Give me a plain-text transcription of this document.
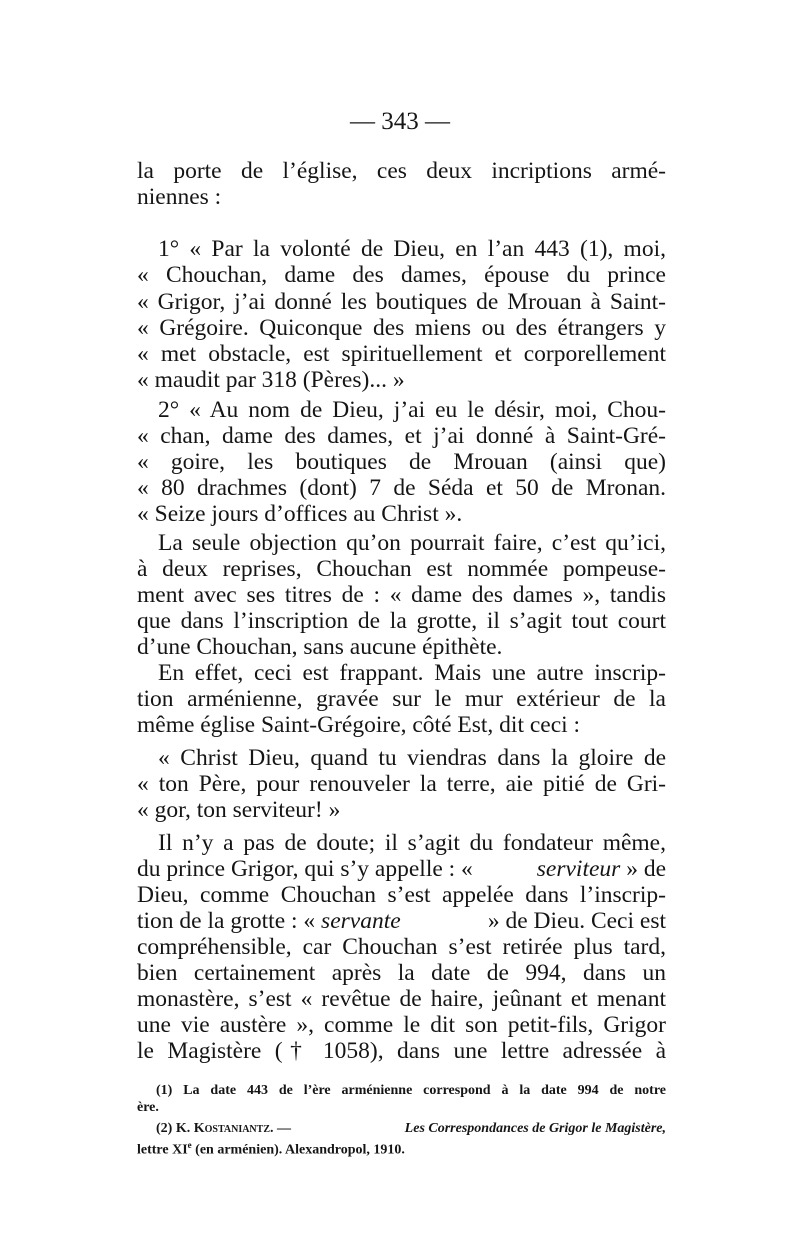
— 343 —
la porte de l’église, ces deux incriptions armé-
niennes :
1° « Par la volonté de Dieu, en l’an 443 (1), moi,
« Chouchan, dame des dames, épouse du prince
« Grigor, j’ai donné les boutiques de Mrouan à Saint-
« Grégoire. Quiconque des miens ou des étrangers y
« met obstacle, est spirituellement et corporellement
« maudit par 318 (Pères)... »
2° « Au nom de Dieu, j’ai eu le désir, moi, Chou-
« chan, dame des dames, et j’ai donné à Saint-Gré-
« goire, les boutiques de Mrouan (ainsi que)
« 80 drachmes (dont) 7 de Séda et 50 de Mronan.
« Seize jours d’offices au Christ ».
La seule objection qu’on pourrait faire, c’est qu’ici,
à deux reprises, Chouchan est nommée pompeuse-
ment avec ses titres de : « dame des dames », tandis
que dans l’inscription de la grotte, il s’agit tout court
d’une Chouchan, sans aucune épithète.
En effet, ceci est frappant. Mais une autre inscrip-
tion arménienne, gravée sur le mur extérieur de la
même église Saint-Grégoire, côté Est, dit ceci :
« Christ Dieu, quand tu viendras dans la gloire de
« ton Père, pour renouveler la terre, aie pitié de Gri-
« gor, ton serviteur! »
Il n’y a pas de doute; il s’agit du fondateur même,
du prince Grigor, qui s’y appelle : « serviteur » de
Dieu, comme Chouchan s’est appelée dans l’inscrip-
tion de la grotte : « servante	» de Dieu. Ceci est
compréhensible, car Chouchan s’est retirée plus tard,
bien certainement après la date de 994, dans un
monastère, s’est « revêtue de haire, jeûnant et menant
une vie austère », comme le dit son petit-fils, Grigor
le Magistère († 1058), dans une lettre adressée à
(1) La date 443 de l’ère arménienne correspond à la date 994 de notre
ère.
(2) K. Kostaniantz. —	Les Correspondances de Grigor le Magistère,
lettre XIe (en arménien). Alexandropol, 1910.
